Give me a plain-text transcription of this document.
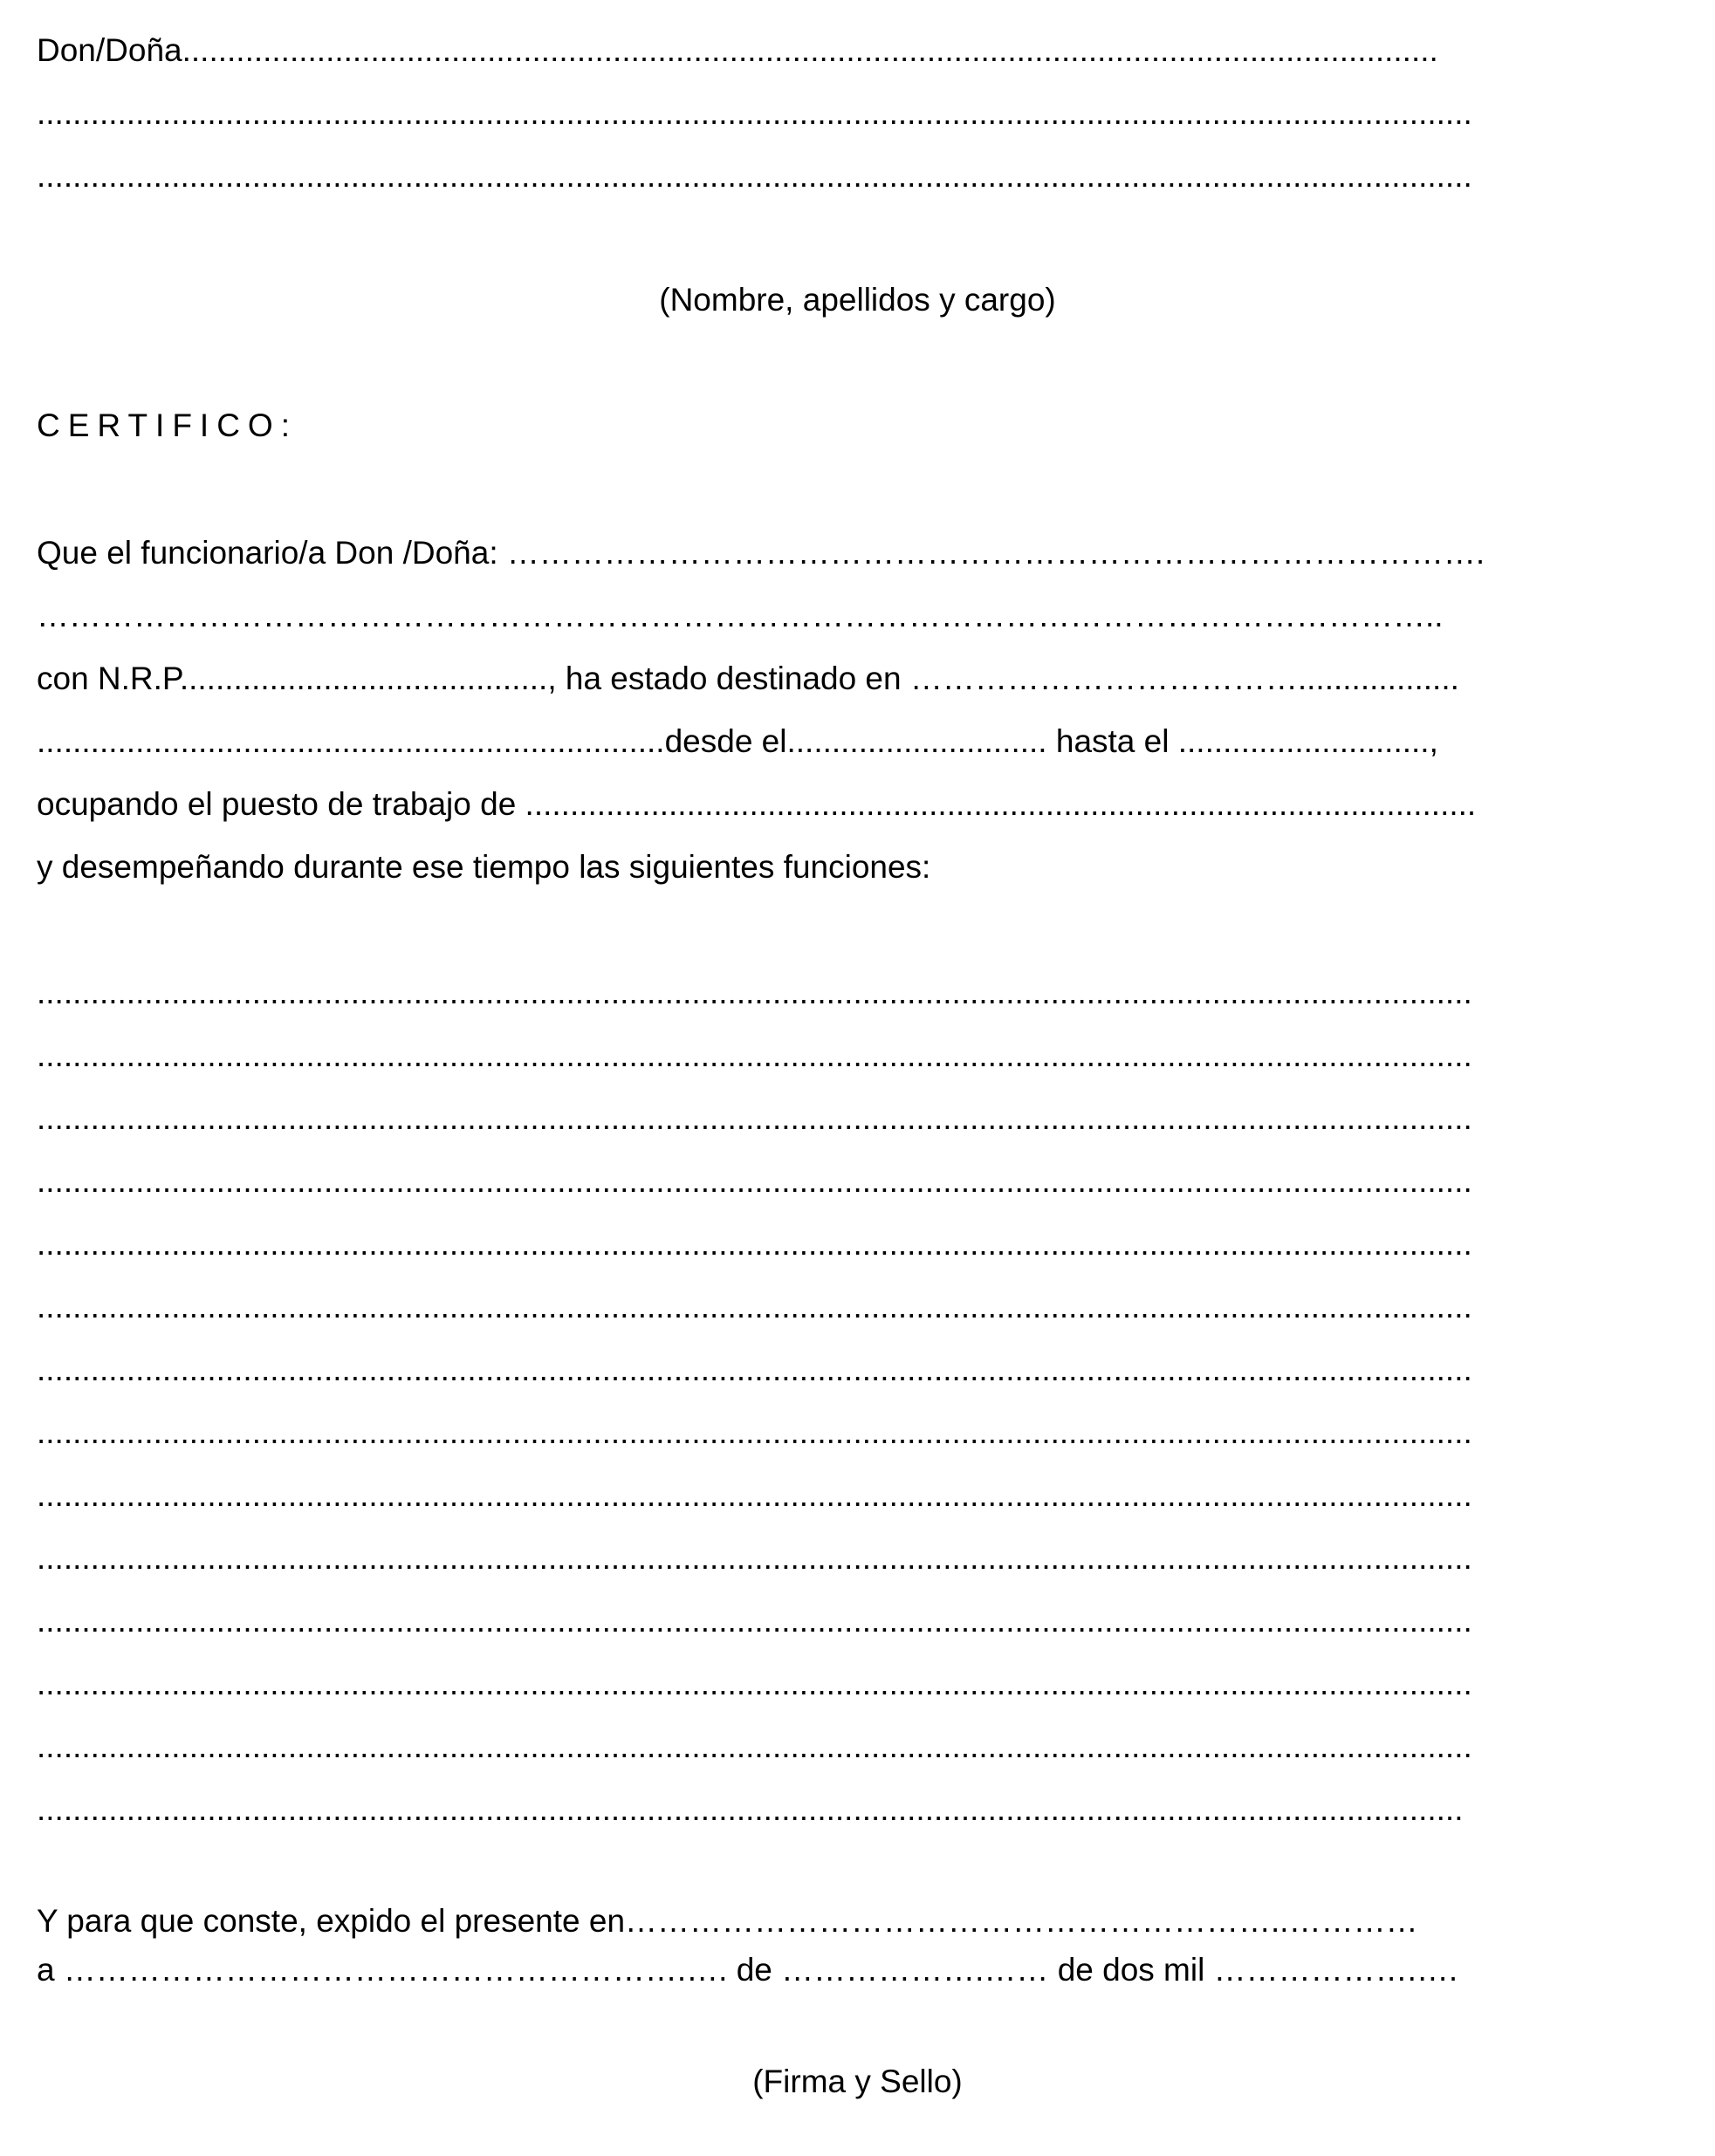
Don/Doña............................................................................................................................................
................................................................................................................................................................
................................................................................................................................................................
(Nombre, apellidos y cargo)
CERTIFICO:
Que el funcionario/a Don /Doña: ……………………………………………………………………………….
…………………………………………………………………………………………………………………..
con N.R.P........................................., ha estado destinado en ………………………………..................
......................................................................desde el............................. hasta el ............................,
ocupando el puesto de trabajo de ..........................................................................................................
y desempeñando durante ese tiempo las siguientes funciones:
................................................................................................................................................................
................................................................................................................................................................
................................................................................................................................................................
................................................................................................................................................................
................................................................................................................................................................
................................................................................................................................................................
................................................................................................................................................................
................................................................................................................................................................
................................................................................................................................................................
................................................................................................................................................................
................................................................................................................................................................
................................................................................................................................................................
................................................................................................................................................................
...............................................................................................................................................................
Y para que conste, expido el presente en……………………………………………………..…………
a ………………………………………………….…. de ……………….…… de dos mil ……………….….
(Firma y Sello)
